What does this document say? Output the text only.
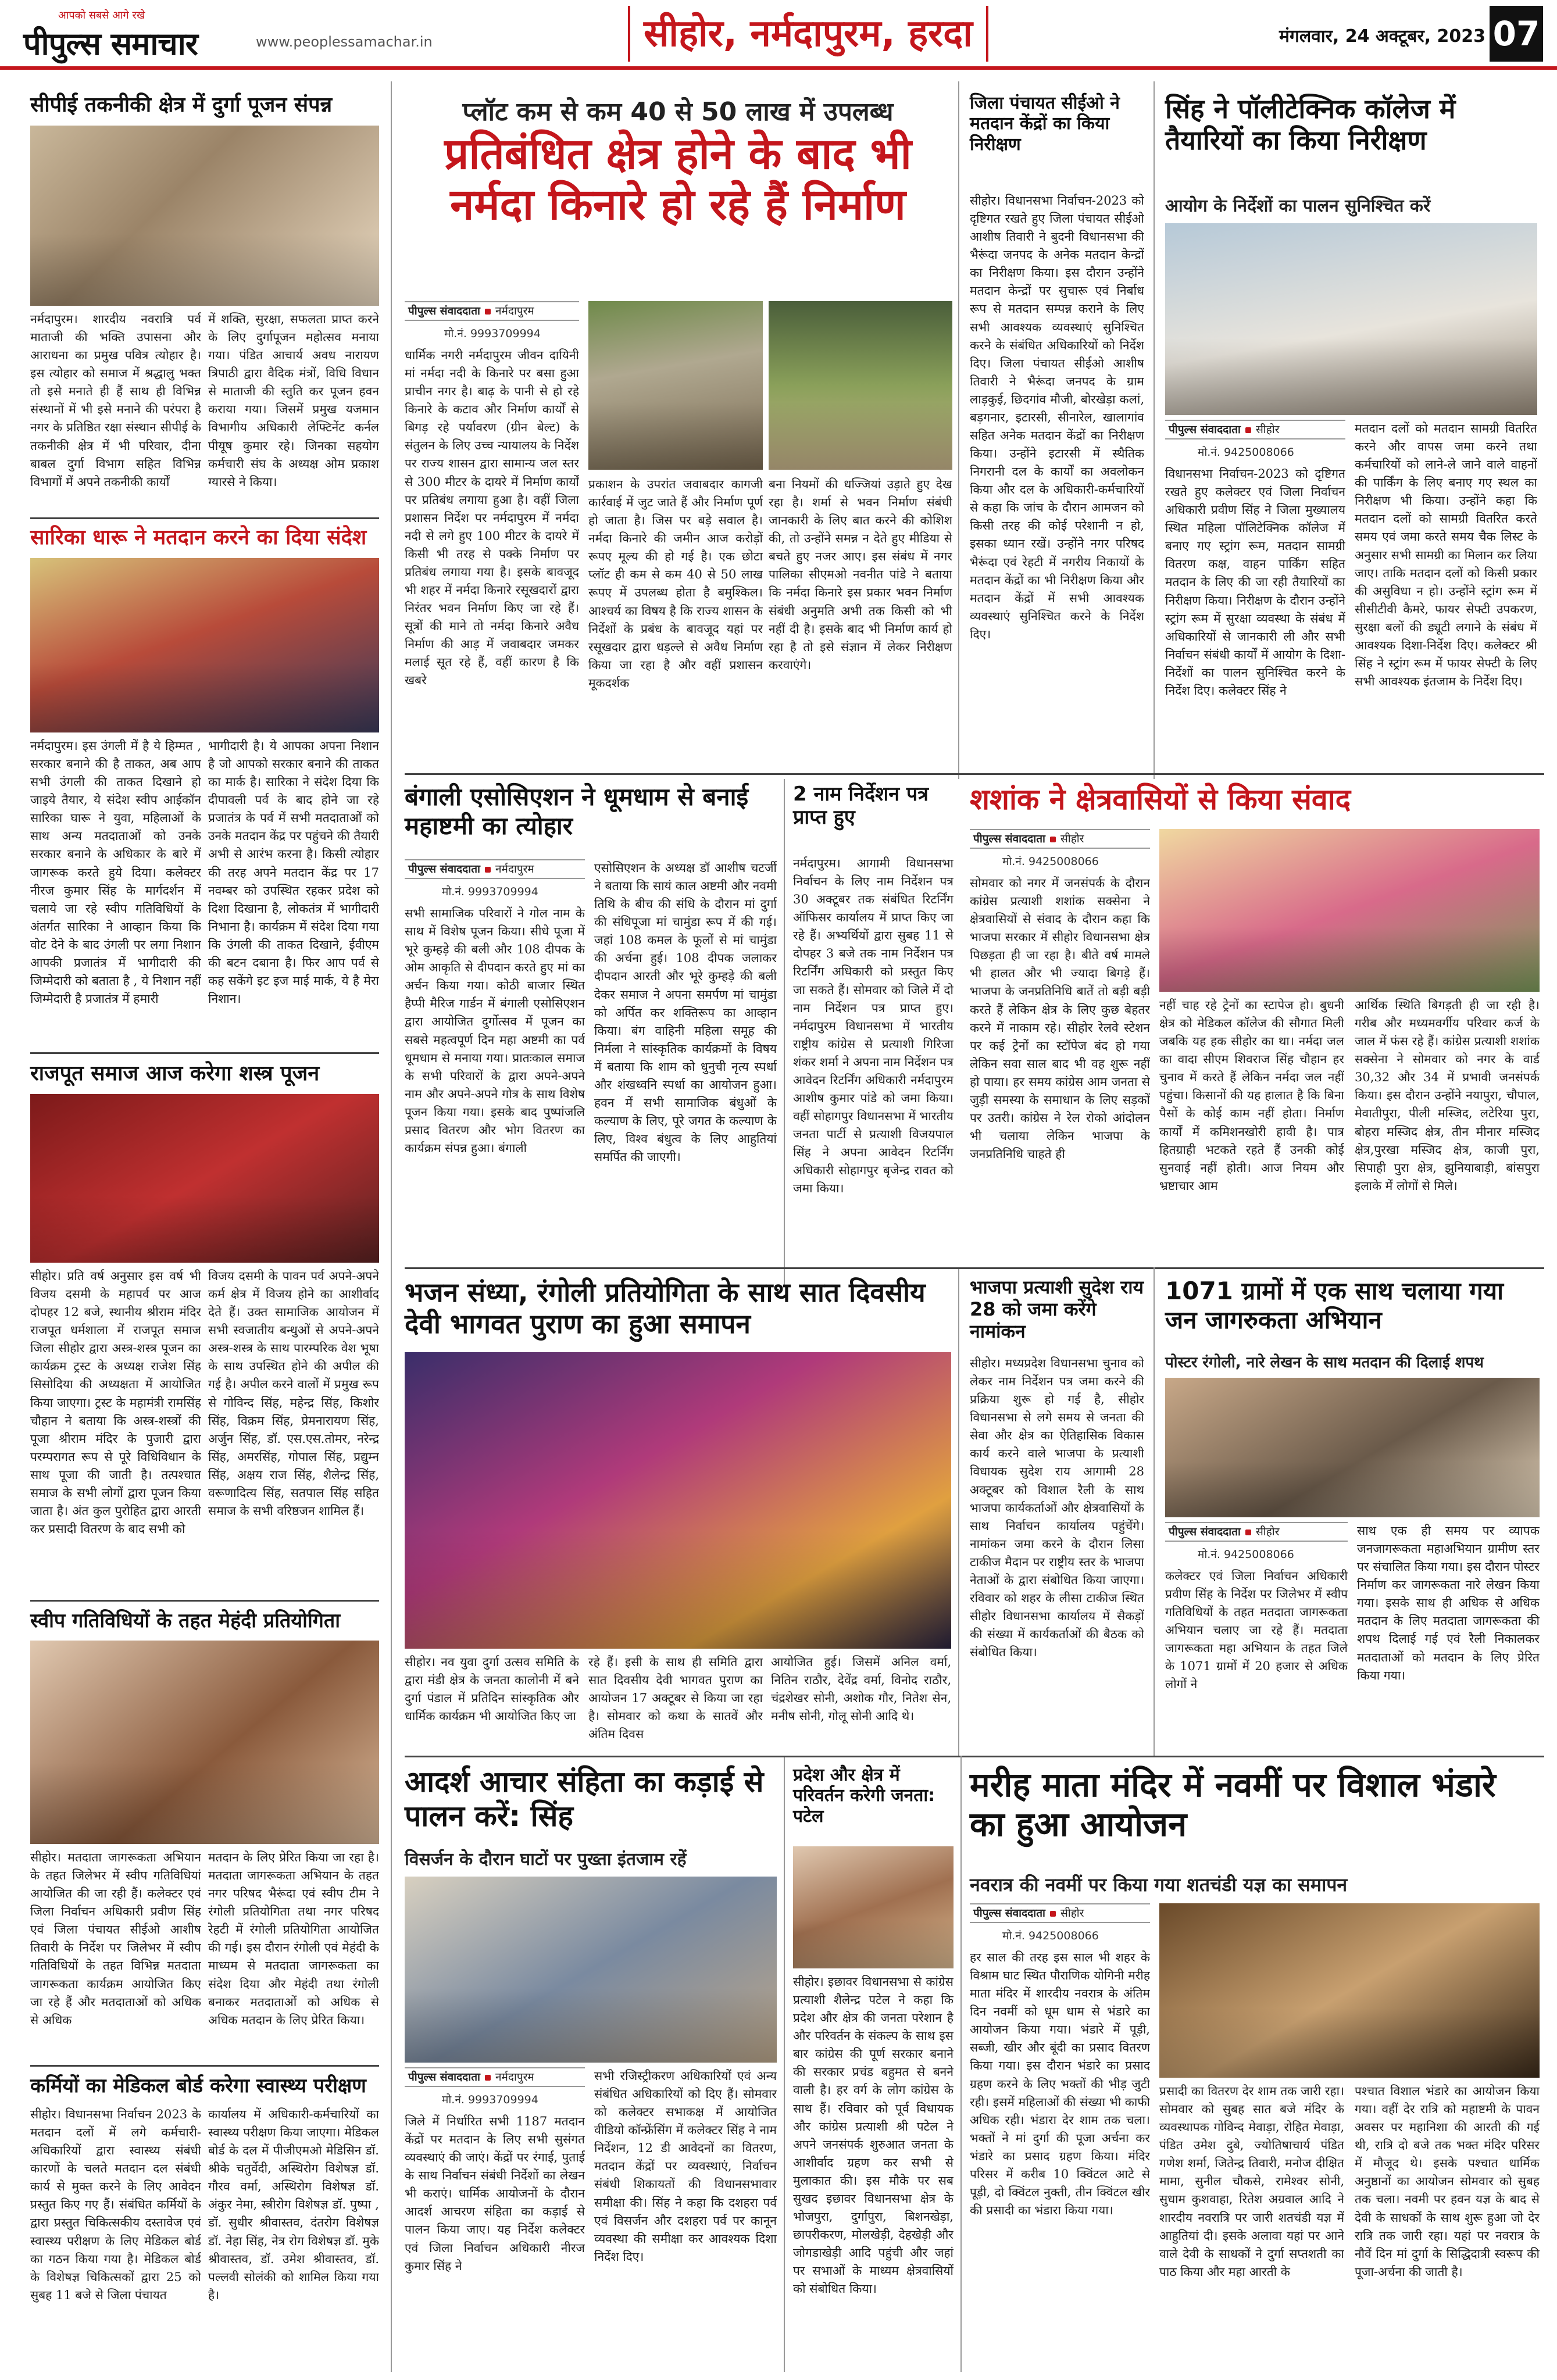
आपको सबसे आगे रखे
पीपुल्स समाचार	www.peoplessamachar.in	सीहोर, नर्मदापुरम, हरदा	मंगलवार, 24 अक्टूबर, 2023 07
सीपीई तकनीकी क्षेत्र में दुर्गा पूजन संपन्न
नर्मदापुरम। शारदीय नवरात्रि पर्व माताजी की भक्ति उपासना और आराधना का प्रमुख पवित्र त्योहार है। इस त्योहार को समाज में श्रद्धालु भक्त तो इसे मनाते ही हैं साथ ही विभिन्न संस्थानों में भी इसे मनाने की परंपरा है नगर के प्रतिष्ठित रक्षा संस्थान सीपीई के तकनीकी क्षेत्र में भी परिवार, दीना बाबल दुर्गा विभाग सहित विभिन्न विभागों में अपने तकनीकी कार्यों
में शक्ति, सुरक्षा, सफलता प्राप्त करने के लिए दुर्गापूजन महोत्सव मनाया गया। पंडित आचार्य अवध नारायण त्रिपाठी द्वारा वैदिक मंत्रों, विधि विधान से माताजी की स्तुति कर पूजन हवन कराया गया। जिसमें प्रमुख यजमान विभागीय अधिकारी लेफ्टिनेंट कर्नल पीयूष कुमार रहे। जिनका सहयोग कर्मचारी संघ के अध्यक्ष ओम प्रकाश ग्यारसे ने किया।
सारिका धारू ने मतदान करने का दिया संदेश
नर्मदापुरम। इस उंगली में है ये हिम्मत , सरकार बनाने की है ताकत, अब आप सभी उंगली की ताकत दिखाने हो जाइये तैयार, ये संदेश स्वीप आईकॉन सारिका घारू ने युवा, महिलाओं के साथ अन्य मतदाताओं को उनके सरकार बनाने के अधिकार के बारे में जागरूक करते हुये दिया। कलेक्टर नीरज कुमार सिंह के मार्गदर्शन में चलाये जा रहे स्वीप गतिविधियों के अंतर्गत सारिका ने आव्हान किया कि वोट देने के बाद उंगली पर लगा निशान आपकी प्रजातंत्र में भागीदारी की जिम्मेदारी को बताता है , ये निशान नहीं जिम्मेदारी है प्रजातंत्र में हमारी
भागीदारी है। ये आपका अपना निशान है जो आपको सरकार बनाने की ताकत का मार्क है। सारिका ने संदेश दिया कि दीपावली पर्व के बाद होने जा रहे प्रजातंत्र के पर्व में सभी मतदाताओं को उनके मतदान केंद्र पर पहुंचने की तैयारी अभी से आरंभ करना है। किसी त्योहार की तरह अपने मतदान केंद्र पर 17 नवम्बर को उपस्थित रहकर प्रदेश को दिशा दिखाना है, लोकतंत्र में भागीदारी निभाना है। कार्यक्रम में संदेश दिया गया कि उंगली की ताकत दिखाने, ईवीएम की बटन दबाना है। फिर आप पर्व से कह सकेंगे इट इज माई मार्क, ये है मेरा निशान।
राजपूत समाज आज करेगा शस्त्र पूजन
सीहोर। प्रति वर्ष अनुसार इस वर्ष भी विजय दसमी के महापर्व पर आज दोपहर 12 बजे, स्थानीय श्रीराम मंदिर राजपूत धर्मशाला में राजपूत समाज जिला सीहोर द्वारा अस्त्र-शस्त्र पूजन का कार्यक्रम ट्रस्ट के अध्यक्ष राजेश सिंह सिसोदिया की अध्यक्षता में आयोजित किया जाएगा। ट्रस्ट के महामंत्री रामसिंह चौहान ने बताया कि अस्त्र-शस्त्रों की पूजा श्रीराम मंदिर के पुजारी द्वारा परम्परागत रूप से पूरे विधिविधान के साथ पूजा की जाती है। तत्पश्चात समाज के सभी लोगों द्वारा पूजन किया जाता है। अंत कुल पुरोहित द्वारा आरती कर प्रसादी वितरण के बाद सभी को
विजय दसमी के पावन पर्व अपने-अपने कर्म क्षेत्र में विजय होने का आशीर्वाद देते हैं। उक्त सामाजिक आयोजन में सभी स्वजातीय बन्धुओं से अपने-अपने अस्त्र-शस्त्र के साथ पारम्परिक वेश भूषा के साथ उपस्थित होने की अपील की गई है। अपील करने वालों में प्रमुख रूप से गोविन्द सिंह, महेन्द्र सिंह, किशोर सिंह, विक्रम सिंह, प्रेमनारायण सिंह, अर्जुन सिंह, डॉ. एस.एस.तोमर, नरेन्द्र सिंह, अमरसिंह, गोपाल सिंह, प्रद्युम्न सिंह, अक्षय राज सिंह, शैलेन्द्र सिंह, वरूणादित्य सिंह, सतपाल सिंह सहित समाज के सभी वरिष्ठजन शामिल हैं।
स्वीप गतिविधियों के तहत मेहंदी प्रतियोगिता
सीहोर। मतदाता जागरूकता अभियान के तहत जिलेभर में स्वीप गतिविधियां आयोजित की जा रही हैं। कलेक्टर एवं जिला निर्वाचन अधिकारी प्रवीण सिंह एवं जिला पंचायत सीईओ आशीष तिवारी के निर्देश पर जिलेभर में स्वीप गतिविधियों के तहत विभिन्न मतदाता जागरूकता कार्यक्रम आयोजित किए जा रहे हैं और मतदाताओं को अधिक से अधिक
मतदान के लिए प्रेरित किया जा रहा है। मतदाता जागरूकता अभियान के तहत नगर परिषद भैरूंदा एवं स्वीप टीम ने रंगोली प्रतियोगिता तथा नगर परिषद रेहटी में रंगोली प्रतियोगिता आयोजित की गई। इस दौरान रंगोली एवं मेहंदी के माध्यम से मतदाता जागरूकता का संदेश दिया और मेहंदी तथा रंगोली बनाकर मतदाताओं को अधिक से अधिक मतदान के लिए प्रेरित किया।
कर्मियों का मेडिकल बोर्ड करेगा स्वास्थ्य परीक्षण
सीहोर। विधानसभा निर्वाचन 2023 के मतदान दलों में लगे कर्मचारी-अधिकारियों द्वारा स्वास्थ्य संबंधी कारणों के चलते मतदान दल संबंधी कार्य से मुक्त करने के लिए आवेदन प्रस्तुत किए गए हैं। संबंधित कर्मियों के द्वारा प्रस्तुत चिकित्सकीय दस्तावेज एवं स्वास्थ्य परीक्षण के लिए मेडिकल बोर्ड का गठन किया गया है। मेडिकल बोर्ड के विशेषज्ञ चिकित्सकों द्वारा 25 को सुबह 11 बजे से जिला पंचायत
कार्यालय में अधिकारी-कर्मचारियों का स्वास्थ्य परीक्षण किया जाएगा। मेडिकल बोर्ड के दल में पीजीएमओ मेडिसिन डॉ. श्रीके चतुर्वेदी, अस्थिरोग विशेषज्ञ डॉ. गौरव वर्मा, अस्थिरोग विशेषज्ञ डॉ. अंकुर नेमा, स्त्रीरोग विशेषज्ञ डॉ. पुष्पा , डॉ. सुधीर श्रीवास्तव, दंतरोग विशेषज्ञ डॉ. नेहा सिंह, नेत्र रोग विशेषज्ञ डॉ. मुके श्रीवास्तव, डॉ. उमेश श्रीवास्तव, डॉ. पल्लवी सोलंकी को शामिल किया गया है।
प्लॉट कम से कम 40 से 50 लाख में उपलब्ध
प्रतिबंधित क्षेत्र होने के बाद भी नर्मदा किनारे हो रहे हैं निर्माण
पीपुल्स संवाददाता नर्मदापुरम
मो.नं. 9993709994
धार्मिक नगरी नर्मदापुरम जीवन दायिनी मां नर्मदा नदी के किनारे पर बसा हुआ प्राचीन नगर है। बाढ़ के पानी से हो रहे किनारे के कटाव और निर्माण कार्यों से बिगड़ रहे पर्यावरण (ग्रीन बेल्ट) के संतुलन के लिए उच्च न्यायालय के निर्देश पर राज्य शासन द्वारा सामान्य जल स्तर से 300 मीटर के दायरे में निर्माण कार्यों पर प्रतिबंध लगाया हुआ है। वहीं जिला प्रशासन निर्देश पर नर्मदापुरम में नर्मदा नदी से लगे हुए 100 मीटर के दायरे में किसी भी तरह से पक्के निर्माण पर प्रतिबंध लगाया गया है। इसके बावजूद भी शहर में नर्मदा किनारे रसूखदारों द्वारा निरंतर भवन निर्माण किए जा रहे हैं। सूत्रों की माने तो नर्मदा किनारे अवैध निर्माण की आड़ में जवाबदार जमकर मलाई सूत रहे हैं, वहीं कारण है कि खबरे
प्रकाशन के उपरांत जवाबदार कागजी कार्रवाई में जुट जाते हैं और निर्माण पूर्ण हो जाता है। जिस पर बड़े सवाल है। नर्मदा किनारे की जमीन आज करोड़ों रूपए मूल्य की हो गई है। एक छोटा प्लॉट ही कम से कम 40 से 50 लाख रूपए में उपलब्ध होता है बमुश्किल। आश्चर्य का विषय है कि राज्य शासन के निर्देशों के प्रबंध के बावजूद यहां पर रसूखदार द्वारा धड़ल्ले से अवैध निर्माण किया जा रहा है और वहीं प्रशासन मूकदर्शक
बना नियमों की धज्जियां उड़ाते हुए देख रहा है। शर्मा से भवन निर्माण संबंधी जानकारी के लिए बात करने की कोशिश की, तो उन्होंने समन्न न देते हुए मीडिया से बचते हुए नजर आए। इस संबंध में नगर पालिका सीएमओ नवनीत पांडे ने बताया कि नर्मदा किनारे इस प्रकार भवन निर्माण संबंधी अनुमति अभी तक किसी को भी नहीं दी है। इसके बाद भी निर्माण कार्य हो रहा है तो इसे संज्ञान में लेकर निरीक्षण करवाएंगे।
जिला पंचायत सीईओ ने मतदान केंद्रों का किया निरीक्षण
सीहोर। विधानसभा निर्वाचन-2023 को दृष्टिगत रखते हुए जिला पंचायत सीईओ आशीष तिवारी ने बुदनी विधानसभा की भैरूंदा जनपद के अनेक मतदान केन्द्रों का निरीक्षण किया। इस दौरान उन्होंने मतदान केन्द्रों पर सुचारू एवं निर्बाध रूप से मतदान सम्पन्न कराने के लिए सभी आवश्यक व्यवस्थाएं सुनिश्चित करने के संबंधित अधिकारियों को निर्देश दिए। जिला पंचायत सीईओ आशीष तिवारी ने भैरूंदा जनपद के ग्राम लाड़कुई, छिदगांव मौजी, बोरखेड़ा कलां, बड़गनार, इटारसी, सीनारेल, खालागांव सहित अनेक मतदान केंद्रों का निरीक्षण किया। उन्होंने इटारसी में स्थैतिक निगरानी दल के कार्यों का अवलोकन किया और दल के अधिकारी-कर्मचारियों से कहा कि जांच के दौरान आमजन को किसी तरह की कोई परेशानी न हो, इसका ध्यान रखें। उन्होंने नगर परिषद भैरूंदा एवं रेहटी में नगरीय निकायों के मतदान केंद्रों का भी निरीक्षण किया और मतदान केंद्रों में सभी आवश्यक व्यवस्थाएं सुनिश्चित करने के निर्देश दिए।
सिंह ने पॉलीटेक्निक कॉलेज में तैयारियों का किया निरीक्षण
आयोग के निर्देशों का पालन सुनिश्चित करें
पीपुल्स संवाददाता सीहोर
मो.नं. 9425008066
विधानसभा निर्वाचन-2023 को दृष्टिगत रखते हुए कलेक्टर एवं जिला निर्वाचन अधिकारी प्रवीण सिंह ने जिला मुख्यालय स्थित महिला पॉलिटेक्निक कॉलेज में बनाए गए स्ट्रांग रूम, मतदान सामग्री वितरण कक्ष, वाहन पार्किंग सहित मतदान के लिए की जा रही तैयारियों का निरीक्षण किया। निरीक्षण के दौरान उन्होंने स्ट्रांग रूम में सुरक्षा व्यवस्था के संबंध में अधिकारियों से जानकारी ली और सभी निर्वाचन संबंधी कार्यों में आयोग के दिशा-निर्देशों का पालन सुनिश्चित करने के निर्देश दिए। कलेक्टर सिंह ने
मतदान दलों को मतदान सामग्री वितरित करने और वापस जमा करने तथा कर्मचारियों को लाने-ले जाने वाले वाहनों की पार्किंग के लिए बनाए गए स्थल का निरीक्षण भी किया। उन्होंने कहा कि मतदान दलों को सामग्री वितरित करते समय एवं जमा करते समय चैक लिस्ट के अनुसार सभी सामग्री का मिलान कर लिया जाए। ताकि मतदान दलों को किसी प्रकार की असुविधा न हो। उन्होंने स्ट्रांग रूम में सीसीटीवी कैमरे, फायर सेफ्टी उपकरण, सुरक्षा बलों की ड्यूटी लगाने के संबंध में आवश्यक दिशा-निर्देश दिए। कलेक्टर श्री सिंह ने स्ट्रांग रूम में फायर सेफ्टी के लिए सभी आवश्यक इंतजाम के निर्देश दिए।
बंगाली एसोसिएशन ने धूमधाम से बनाई महाष्टमी का त्योहार
पीपुल्स संवाददाता नर्मदापुरम
मो.नं. 9993709994
सभी सामाजिक परिवारों ने गोल नाम के साथ में विशेष पूजन किया। सीधे पूजा में भूरे कुम्हड़े की बली और 108 दीपक के ओम आकृति से दीपदान करते हुए मां का अर्चन किया गया। कोठी बाजार स्थित हैप्पी मैरिज गार्डन में बंगाली एसोसिएशन द्वारा आयोजित दुर्गोत्सव में पूजन का सबसे महत्वपूर्ण दिन महा अष्टमी का पर्व धूमधाम से मनाया गया। प्रातःकाल समाज के सभी परिवारों के द्वारा अपने-अपने नाम और अपने-अपने गोत्र के साथ विशेष पूजन किया गया। इसके बाद पुष्पांजलि प्रसाद वितरण और भोग वितरण का कार्यक्रम संपन्न हुआ। बंगाली
एसोसिएशन के अध्यक्ष डॉ आशीष चटर्जी ने बताया कि सायं काल अष्टमी और नवमी तिथि के बीच की संधि के दौरान मां दुर्गा की संधिपूजा मां चामुंडा रूप में की गई। जहां 108 कमल के फूलों से मां चामुंडा की अर्चना हुई। 108 दीपक जलाकर दीपदान आरती और भूरे कुम्हड़े की बली देकर समाज ने अपना समर्पण मां चामुंडा को अर्पित कर शक्तिरूप का आव्हान किया। बंग वाहिनी महिला समूह की निर्मला ने सांस्कृतिक कार्यक्रमों के विषय में बताया कि शाम को धुनुची नृत्य स्पर्धा और शंखध्वनि स्पर्धा का आयोजन हुआ। हवन में सभी सामाजिक बंधुओं के कल्याण के लिए, पूरे जगत के कल्याण के लिए, विश्व बंधुत्व के लिए आहुतियां समर्पित की जाएगी।
2 नाम निर्देशन पत्र प्राप्त हुए
नर्मदापुरम। आगामी विधानसभा निर्वाचन के लिए नाम निर्देशन पत्र 30 अक्टूबर तक संबंधित रिटर्निंग ऑफिसर कार्यालय में प्राप्त किए जा रहे हैं। अभ्यर्थियों द्वारा सुबह 11 से दोपहर 3 बजे तक नाम निर्देशन पत्र रिटर्निंग अधिकारी को प्रस्तुत किए जा सकते हैं। सोमवार को जिले में दो नाम निर्देशन पत्र प्राप्त हुए। नर्मदापुरम विधानसभा में भारतीय राष्ट्रीय कांग्रेस से प्रत्याशी गिरिजा शंकर शर्मा ने अपना नाम निर्देशन पत्र आवेदन रिटर्निंग अधिकारी नर्मदापुरम आशीष कुमार पांडे को जमा किया। वहीं सोहागपुर विधानसभा में भारतीय जनता पार्टी से प्रत्याशी विजयपाल सिंह ने अपना आवेदन रिटर्निंग अधिकारी सोहागपुर बृजेन्द्र रावत को जमा किया।
शशांक ने क्षेत्रवासियों से किया संवाद
पीपुल्स संवाददाता सीहोर
मो.नं. 9425008066
सोमवार को नगर में जनसंपर्क के दौरान कांग्रेस प्रत्याशी शशांक सक्सेना ने क्षेत्रवासियों से संवाद के दौरान कहा कि भाजपा सरकार में सीहोर विधानसभा क्षेत्र पिछड़ता ही जा रहा है। बीते वर्ष मामले भी हालत और भी ज्यादा बिगड़े हैं। भाजपा के जनप्रतिनिधि बातें तो बड़ी बड़ी करते हैं लेकिन क्षेत्र के लिए कुछ बेहतर करने में नाकाम रहे। सीहोर रेलवे स्टेशन पर कई ट्रेनों का स्टॉपेज बंद हो गया लेकिन सवा साल बाद भी वह शुरू नहीं हो पाया। हर समय कांग्रेस आम जनता से जुड़ी समस्या के समाधान के लिए सड़कों पर उतरी। कांग्रेस ने रेल रोको आंदोलन भी चलाया लेकिन भाजपा के जनप्रतिनिधि चाहते ही
नहीं चाह रहे ट्रेनों का स्टापेज हो। बुधनी क्षेत्र को मेडिकल कॉलेज की सौगात मिली जबकि यह हक सीहोर का था। नर्मदा जल का वादा सीएम शिवराज सिंह चौहान हर चुनाव में करते हैं लेकिन नर्मदा जल नहीं पहुंचा। किसानों की यह हालात है कि बिना पैसों के कोई काम नहीं होता। निर्माण कार्यों में कमिशनखोरी हावी है। पात्र हितग्राही भटकते रहते हैं उनकी कोई सुनवाई नहीं होती। आज नियम और भ्रष्टाचार आम
आर्थिक स्थिति बिगड़ती ही जा रही है। गरीब और मध्यमवर्गीय परिवार कर्ज के जाल में फंस रहे हैं। कांग्रेस प्रत्याशी शशांक सक्सेना ने सोमवार को नगर के वार्ड 30,32 और 34 में प्रभावी जनसंपर्क किया। इस दौरान उन्होंने नयापुरा, चौपाल, मेवातीपुरा, पीली मस्जिद, लटेरिया पुरा, बोहरा मस्जिद क्षेत्र, तीन मीनार मस्जिद क्षेत्र,पुरखा मस्जिद क्षेत्र, काजी पुरा, सिपाही पुरा क्षेत्र, झुनियाबाड़ी, बांसपुरा इलाके में लोगों से मिले।
भजन संध्या, रंगोली प्रतियोगिता के साथ सात दिवसीय देवी भागवत पुराण का हुआ समापन
सीहोर। नव युवा दुर्गा उत्सव समिति के द्वारा मंडी क्षेत्र के जनता कालोनी में बने दुर्गा पंडाल में प्रतिदिन सांस्कृतिक और धार्मिक कार्यक्रम भी आयोजित किए जा
रहे हैं। इसी के साथ ही समिति द्वारा सात दिवसीय देवी भागवत पुराण का आयोजन 17 अक्टूबर से किया जा रहा है। सोमवार को कथा के सातवें और अंतिम दिवस
आयोजित हुई। जिसमें अनिल वर्मा, नितिन राठौर, देवेंद्र वर्मा, विनोद राठौर, चंद्रशेखर सोनी, अशोक गौर, नितेश सेन, मनीष सोनी, गोलू सोनी आदि थे।
भाजपा प्रत्याशी सुदेश राय 28 को जमा करेंगे नामांकन
सीहोर। मध्यप्रदेश विधानसभा चुनाव को लेकर नाम निर्देशन पत्र जमा करने की प्रक्रिया शुरू हो गई है, सीहोर विधानसभा से लगे समय से जनता की सेवा और क्षेत्र का ऐतिहासिक विकास कार्य करने वाले भाजपा के प्रत्याशी विधायक सुदेश राय आगामी 28 अक्टूबर को विशाल रैली के साथ भाजपा कार्यकर्ताओं और क्षेत्रवासियों के साथ निर्वाचन कार्यालय पहुंचेंगे। नामांकन जमा करने के दौरान लिसा टाकीज मैदान पर राष्ट्रीय स्तर के भाजपा नेताओं के द्वारा संबोधित किया जाएगा। रविवार को शहर के लीसा टाकीज स्थित सीहोर विधानसभा कार्यालय में सैकड़ों की संख्या में कार्यकर्ताओं की बैठक को संबोधित किया।
1071 ग्रामों में एक साथ चलाया गया जन जागरुकता अभियान
पोस्टर रंगोली, नारे लेखन के साथ मतदान की दिलाई शपथ
पीपुल्स संवाददाता सीहोर
मो.नं. 9425008066
कलेक्टर एवं जिला निर्वाचन अधिकारी प्रवीण सिंह के निर्देश पर जिलेभर में स्वीप गतिविधियों के तहत मतदाता जागरूकता अभियान चलाए जा रहे हैं। मतदाता जागरूकता महा अभियान के तहत जिले के 1071 ग्रामों में 20 हजार से अधिक लोगों ने
साथ एक ही समय पर व्यापक जनजागरूकता महाअभियान ग्रामीण स्तर पर संचालित किया गया। इस दौरान पोस्टर निर्माण कर जागरूकता नारे लेखन किया गया। इसके साथ ही अधिक से अधिक मतदान के लिए मतदाता जागरूकता की शपथ दिलाई गई एवं रैली निकालकर मतदाताओं को मतदान के लिए प्रेरित किया गया।
आदर्श आचार संहिता का कड़ाई से पालन करें: सिंह
विसर्जन के दौरान घाटों पर पुख्ता इंतजाम रहें
पीपुल्स संवाददाता नर्मदापुरम
मो.नं. 9993709994
जिले में निर्धारित सभी 1187 मतदान केंद्रों पर मतदान के लिए सभी सुसंगत व्यवस्थाएं की जाएं। केंद्रों पर रंगाई, पुताई के साथ निर्वाचन संबंधी निर्देशों का लेखन भी कराएं। धार्मिक आयोजनों के दौरान आदर्श आचरण संहिता का कड़ाई से पालन किया जाए। यह निर्देश कलेक्टर एवं जिला निर्वाचन अधिकारी नीरज कुमार सिंह ने
सभी रजिस्ट्रीकरण अधिकारियों एवं अन्य संबंधित अधिकारियों को दिए हैं। सोमवार को कलेक्टर सभाकक्ष में आयोजित वीडियो कॉन्फ्रेंसिंग में कलेक्टर सिंह ने नाम निर्देशन, 12 डी आवेदनों का वितरण, मतदान केंद्रों पर व्यवस्थाएं, निर्वाचन संबंधी शिकायतों की विधानसभावार समीक्षा की। सिंह ने कहा कि दशहरा पर्व एवं विसर्जन और दशहरा पर्व पर कानून व्यवस्था की समीक्षा कर आवश्यक दिशा निर्देश दिए।
प्रदेश और क्षेत्र में परिवर्तन करेगी जनता: पटेल
सीहोर। इछावर विधानसभा से कांग्रेस प्रत्याशी शैलेन्द्र पटेल ने कहा कि प्रदेश और क्षेत्र की जनता परेशान है और परिवर्तन के संकल्प के साथ इस बार कांग्रेस की पूर्ण सरकार बनाने की सरकार प्रचंड बहुमत से बनने वाली है। हर वर्ग के लोग कांग्रेस के साथ हैं। रविवार को पूर्व विधायक और कांग्रेस प्रत्याशी श्री पटेल ने अपने जनसंपर्क शुरुआत जनता के आशीर्वाद ग्रहण कर सभी से मुलाकात की। इस मौके पर सब सुखद इछावर विधानसभा क्षेत्र के भोजपुरा, दुर्गापुरा, बिशनखेड़ा, छापरीकरण, मोलखेड़ी, देहखेड़ी और जोगडाखेड़ी आदि पहुंची और जहां पर सभाओं के माध्यम क्षेत्रवासियों को संबोधित किया।
मरीह माता मंदिर में नवमीं पर विशाल भंडारे का हुआ आयोजन
नवरात्र की नवमीं पर किया गया शतचंडी यज्ञ का समापन
पीपुल्स संवाददाता सीहोर
मो.नं. 9425008066
हर साल की तरह इस साल भी शहर के विश्राम घाट स्थित पौराणिक योगिनी मरीह माता मंदिर में शारदीय नवरात्र के अंतिम दिन नवमीं को धूम धाम से भंडारे का आयोजन किया गया। भंडारे में पूड़ी, सब्जी, खीर और बूंदी का प्रसाद वितरण किया गया। इस दौरान भंडारे का प्रसाद ग्रहण करने के लिए भक्तों की भीड़ जुटी रही। इसमें महिलाओं की संख्या भी काफी अधिक रही। भंडारा देर शाम तक चला। भक्तों ने मां दुर्गा की पूजा अर्चना कर भंडारे का प्रसाद ग्रहण किया। मंदिर परिसर में करीब 10 क्विंटल आटे से पूड़ी, दो क्विंटल नुक्ती, तीन क्विंटल खीर की प्रसादी का भंडारा किया गया।
प्रसादी का वितरण देर शाम तक जारी रहा। सोमवार को सुबह सात बजे मंदिर के व्यवस्थापक गोविन्द मेवाड़ा, रोहित मेवाड़ा, पंडित उमेश दुबे, ज्योतिषाचार्य पंडित गणेश शर्मा, जितेन्द्र तिवारी, मनोज दीक्षित मामा, सुनील चौकसे, रामेश्वर सोनी, सुधाम कुशवाहा, रितेश अग्रवाल आदि ने शारदीय नवरात्रि पर जारी शतचंडी यज्ञ में आहुतियां दी। इसके अलावा यहां पर आने वाले देवी के साधकों ने दुर्गा सप्तशती का पाठ किया और महा आरती के
पश्चात विशाल भंडारे का आयोजन किया गया। वहीं देर रात्रि को महाष्टमी के पावन अवसर पर महानिशा की आरती की गई थी, रात्रि दो बजे तक भक्त मंदिर परिसर में मौजूद थे। इसके पश्चात धार्मिक अनुष्ठानों का आयोजन सोमवार को सुबह तक चला। नवमी पर हवन यज्ञ के बाद से देवी के साधकों के साथ शुरू हुआ जो देर रात्रि तक जारी रहा। यहां पर नवरात्र के नौवें दिन मां दुर्गा के सिद्धिदात्री स्वरूप की पूजा-अर्चना की जाती है।
